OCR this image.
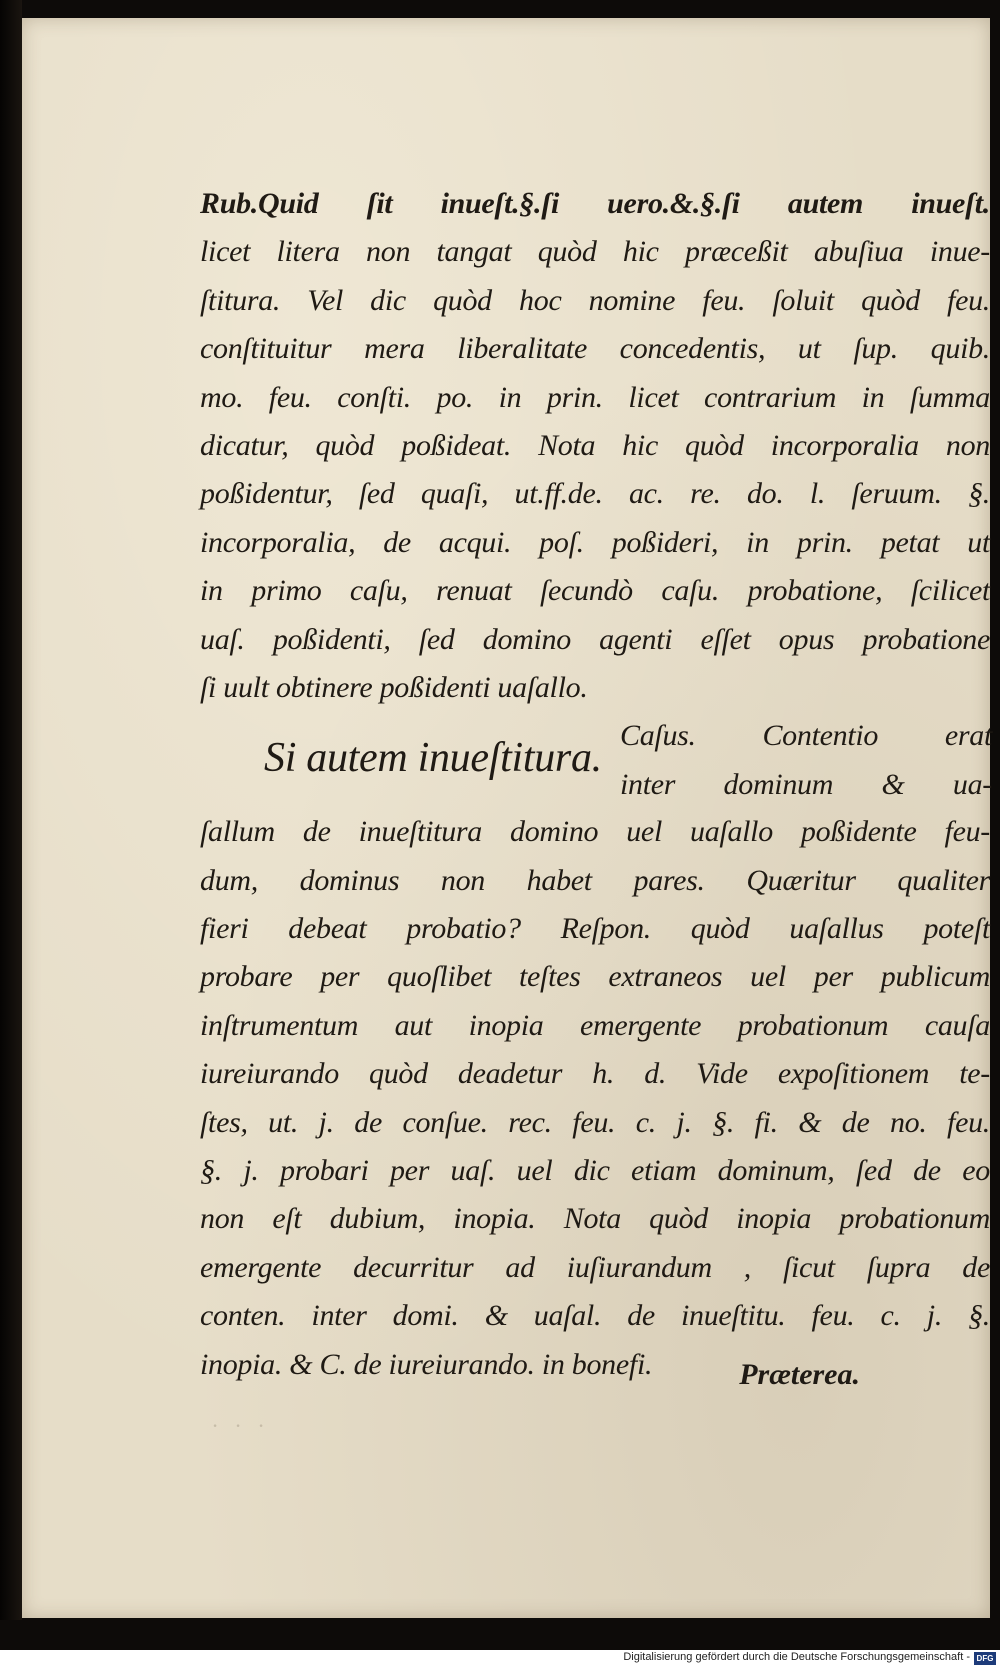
Rub.Quid ſit inueſt.§.ſi uero.&.§.ſi autem inueſt.
licet litera non tangat quòd hic præceßit abuſiua inue-
ſtitura. Vel dic quòd hoc nomine feu. ſoluit quòd feu.
conſtituitur mera liberalitate concedentis, ut ſup. quib.
mo. feu. conſti. po. in prin. licet contrarium in ſumma
dicatur, quòd poßideat. Nota hic quòd incorporalia non
poßidentur, ſed quaſi, ut.ff.de. ac. re. do. l. ſeruum. §.
incorporalia, de acqui. poſ. poßideri, in prin. petat ut
in primo caſu, renuat ſecundò caſu. probatione, ſcilicet
uaſ. poßidenti, ſed domino agenti eſſet opus probatione
ſi uult obtinere poßidenti uaſallo.
Si autem inueſtitura. Caſus. Contentio erat
inter dominum & ua-
ſallum de inueſtitura domino uel uaſallo poßidente feu-
dum, dominus non habet pares. Quæritur qualiter
fieri debeat probatio? Reſpon. quòd uaſallus poteſt
probare per quoſlibet teſtes extraneos uel per publicum
inſtrumentum aut inopia emergente probationum cauſa
iureiurando quòd deadetur h. d. Vide expoſitionem te-
ſtes, ut. j. de conſue. rec. feu. c. j. §. fi. & de no. feu.
§. j. probari per uaſ. uel dic etiam dominum, ſed de eo
non eſt dubium, inopia. Nota quòd inopia probationum
emergente decurritur ad iuſiurandum , ſicut ſupra de
conten. inter domi. & uaſal. de inueſtitu. feu. c. j. §.
inopia. & C. de iureiurando. in bonefi.	Præterea.
· · ·
Digitalisierung gefördert durch die Deutsche Forschungsgemeinschaft - DFG
